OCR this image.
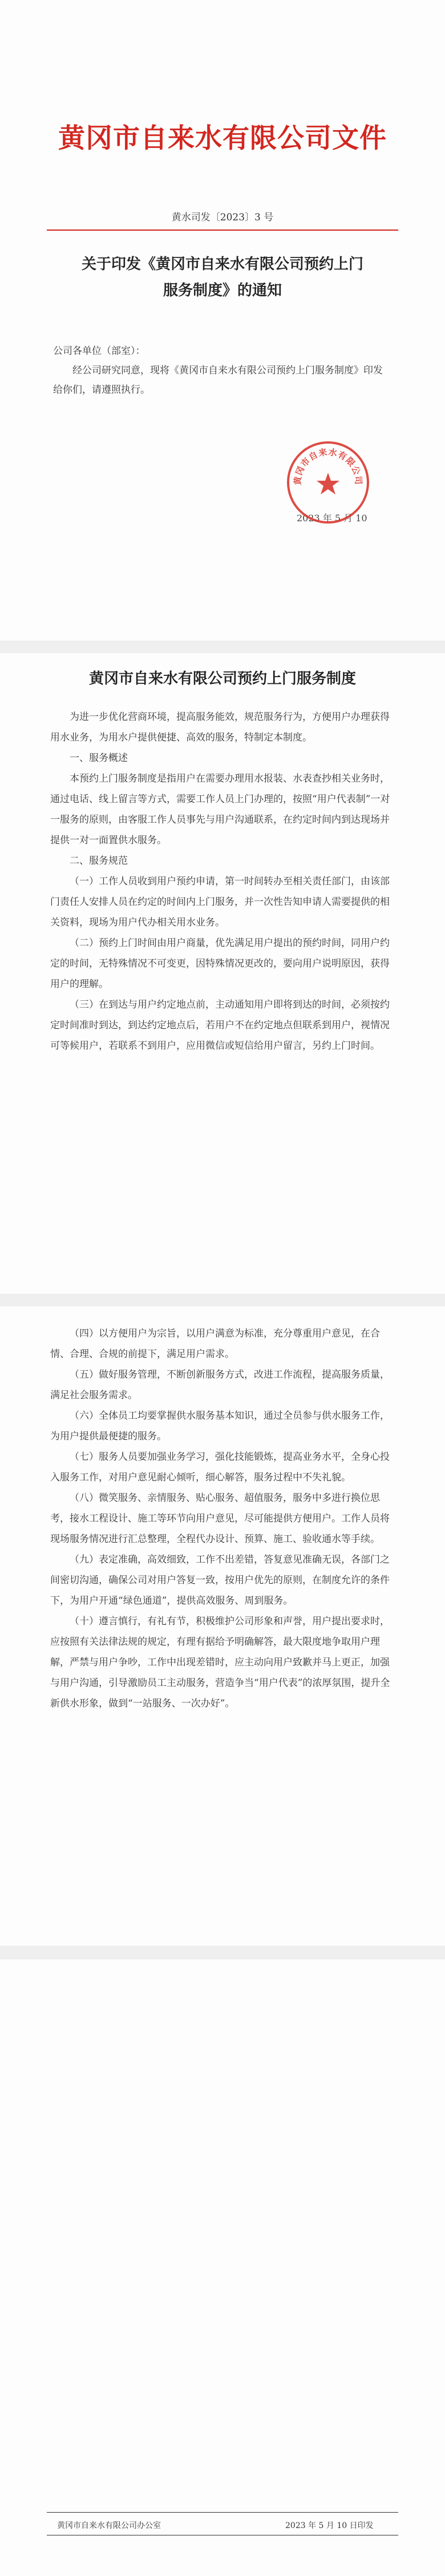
黄冈市自来水有限公司文件
黄水司发〔2023〕3 号
关于印发《黄冈市自来水有限公司预约上门
服务制度》的通知
公司各单位（部室）：

经公司研究同意，现将《黄冈市自来水有限公司预约上门服务制度》印发给你们，请遵照执行。

2023 年 5 月 10
黄冈市自来水有限公司
黄冈市自来水有限公司预约上门服务制度

为进一步优化营商环境，提高服务能效，规范服务行为，方便用户办理获得用水业务，为用水户提供便捷、高效的服务，特制定本制度。

一、服务概述

本预约上门服务制度是指用户在需要办理用水报装、水表查抄相关业务时，通过电话、线上留言等方式，需要工作人员上门办理的，按照“用户代表制”一对一服务的原则，由客服工作人员事先与用户沟通联系，在约定时间内到达现场并提供一对一面置供水服务。

二、服务规范

（一）工作人员收到用户预约申请，第一时间转办至相关责任部门，由该部门责任人安排人员在约定的时间内上门服务，并一次性告知申请人需要提供的相关资料，现场为用户代办相关用水业务。

（二）预约上门时间由用户商量，优先满足用户提出的预约时间，同用户约定的时间，无特殊情况不可变更，因特殊情况更改的，要向用户说明原因，获得用户的理解。

（三）在到达与用户约定地点前，主动通知用户即将到达的时间，必须按约定时间准时到达，到达约定地点后，若用户不在约定地点但联系到用户，视情况可等候用户，若联系不到用户，应用微信或短信给用户留言，另约上门时间。

（四）以方便用户为宗旨，以用户满意为标准，充分尊重用户意见，在合情、合理、合规的前提下，满足用户需求。

（五）做好服务管理，不断创新服务方式，改进工作流程，提高服务质量，满足社会服务需求。

（六）全体员工均要掌握供水服务基本知识，通过全员参与供水服务工作，为用户提供最便捷的服务。

（七）服务人员要加强业务学习，强化技能锻炼，提高业务水平，全身心投入服务工作，对用户意见耐心倾听，细心解答，服务过程中不失礼貌。

（八）微笑服务、亲情服务、贴心服务、超值服务，服务中多进行换位思考，接水工程设计、施工等环节向用户意见，尽可能提供方便用户。工作人员将现场服务情况进行汇总整理，全程代办设计、预算、施工、验收通水等手续。

（九）表定准确，高效细致，工作不出差错，答复意见准确无误，各部门之间密切沟通，确保公司对用户答复一致，按用户优先的原则，在制度允许的条件下，为用户开通“绿色通道”，提供高效服务、周到服务。

（十）遵言慎行，有礼有节，积极维护公司形象和声誉，用户提出要求时，应按照有关法律法规的规定，有理有据给予明确解答，最大限度地争取用户理解，严禁与用户争吵，工作中出现差错时，应主动向用户致歉并马上更正，加强与用户沟通，引导激励员工主动服务，营造争当“用户代表”的浓厚氛围，提升全新供水形象，做到“一站服务、一次办好”。

黄冈市自来水有限公司办公室	2023 年 5 月 10 日印发
